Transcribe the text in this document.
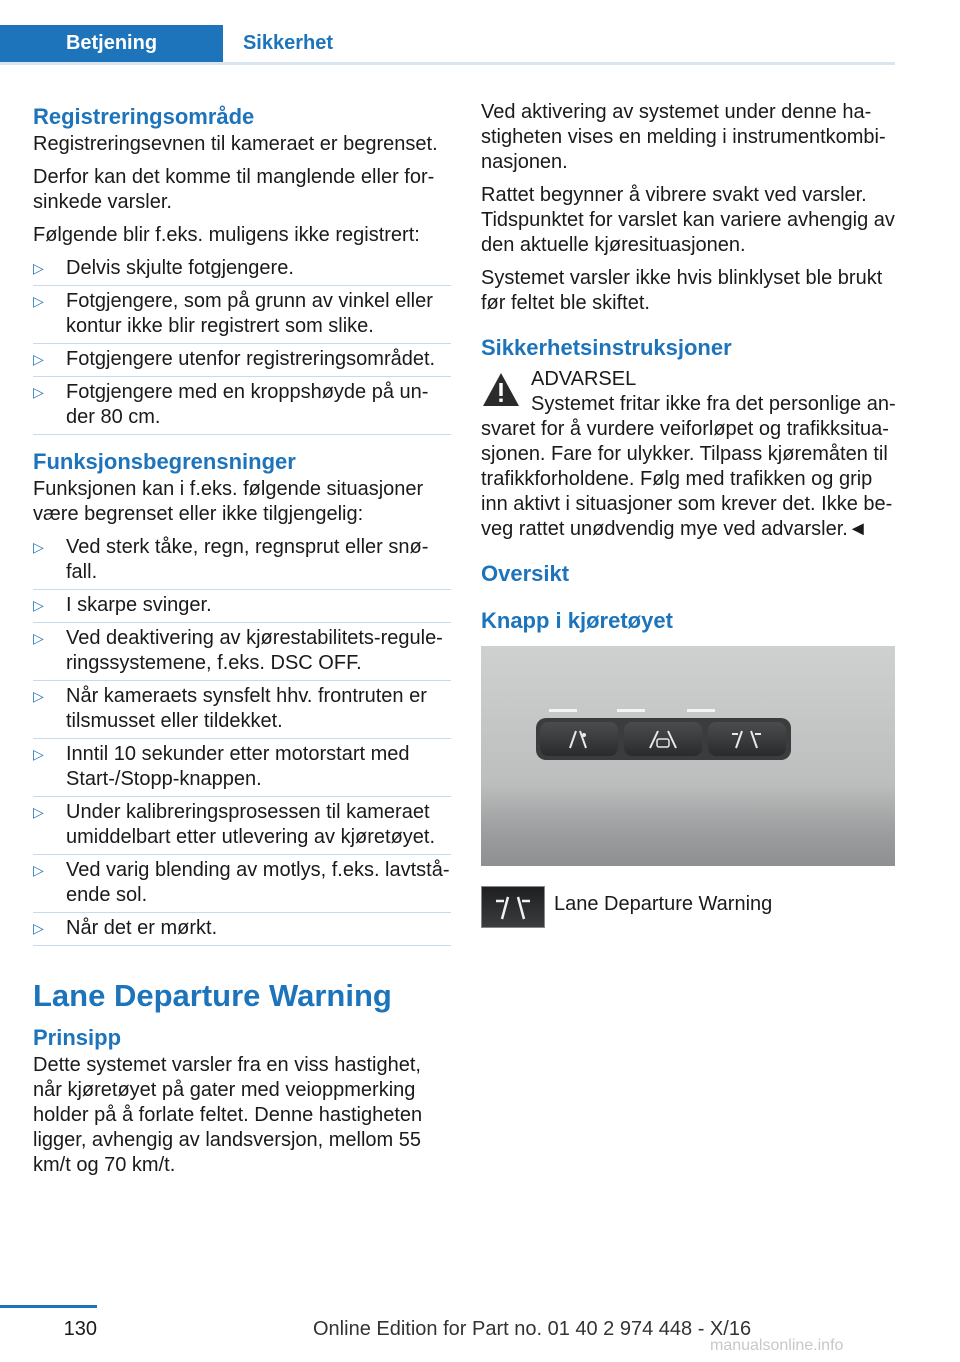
Betjening	Sikkerhet
Registreringsområde

Registreringsevnen til kameraet er begrenset.

Derfor kan det komme til manglende eller for-sinkede varsler.

Følgende blir f.eks. muligens ikke registrert:

▷ Delvis skjulte fotgjengere.
▷ Fotgjengere, som på grunn av vinkel eller kontur ikke blir registrert som slike.
▷ Fotgjengere utenfor registreringsområdet.
▷ Fotgjengere med en kroppshøyde på un-der 80 cm.
Funksjonsbegrensninger

Funksjonen kan i f.eks. følgende situasjoner være begrenset eller ikke tilgjengelig:

▷ Ved sterk tåke, regn, regnsprut eller snø-fall.
▷ I skarpe svinger.
▷ Ved deaktivering av kjørestabilitets-regule-ringssystemene, f.eks. DSC OFF.
▷ Når kameraets synsfelt hhv. frontruten er tilsmusset eller tildekket.
▷ Inntil 10 sekunder etter motorstart med Start-/Stopp-knappen.
▷ Under kalibreringsprosessen til kameraet umiddelbart etter utlevering av kjøretøyet.
▷ Ved varig blending av motlys, f.eks. lavtstå-ende sol.
▷ Når det er mørkt.
Lane Departure Warning
Prinsipp

Dette systemet varsler fra en viss hastighet, når kjøretøyet på gater med veioppmerking holder på å forlate feltet. Denne hastigheten ligger, avhengig av landsversjon, mellom 55 km/t og 70 km/t.

Ved aktivering av systemet under denne ha-stigheten vises en melding i instrumentkombi-nasjonen.

Rattet begynner å vibrere svakt ved varsler. Tidspunktet for varslet kan variere avhengig av den aktuelle kjøresituasjonen.

Systemet varsler ikke hvis blinklyset ble brukt før feltet ble skiftet.

Sikkerhetsinstruksjoner
ADVARSEL

Systemet fritar ikke fra det personlige an-svaret for å vurdere veiforløpet og trafikksitua-sjonen. Fare for ulykker. Tilpass kjøremåten til trafikkforholdene. Følg med trafikken og grip inn aktivt i situasjoner som krever det. Ikke be-veg rattet unødvendig mye ved advarsler.◄

Oversikt
Knapp i kjøretøyet
Lane Departure Warning
130	Online Edition for Part no. 01 40 2 974 448 - X/16
manualsonline.info
